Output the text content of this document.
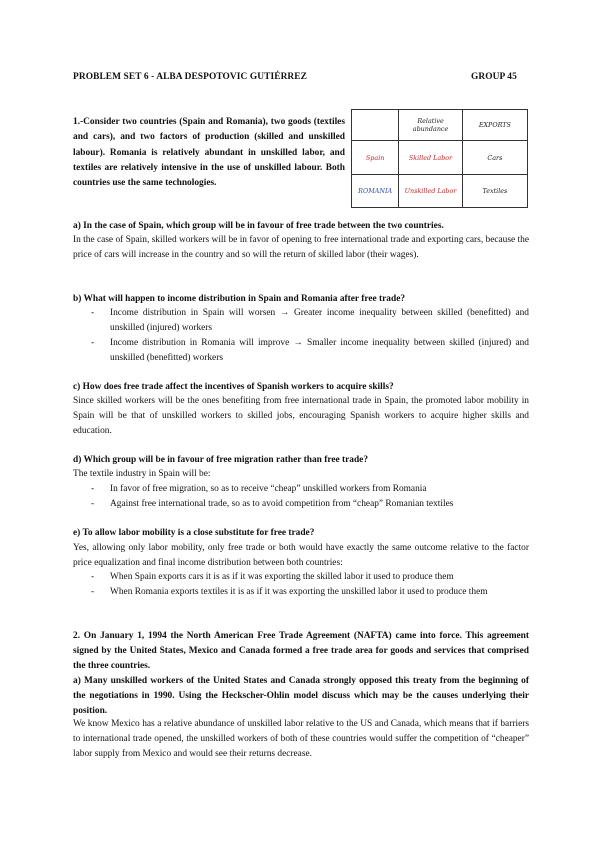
PROBLEM SET 6 - ALBA DESPOTOVIC GUTIÉRREZ	GROUP 45
1.-Consider two countries (Spain and Romania), two goods (textiles and cars), and two factors of production (skilled and unskilled labour). Romania is relatively abundant in unskilled labor, and textiles are relatively intensive in the use of unskilled labour. Both countries use the same technologies.
	Relative abundance	EXPORTS
Spain	Skilled Labor	Cars
ROMANIA	Unskilled Labor	Textiles
a) In the case of Spain, which group will be in favour of free trade between the two countries.
In the case of Spain, skilled workers will be in favor of opening to free international trade and exporting cars, because the price of cars will increase in the country and so will the return of skilled labor (their wages).
b) What will happen to income distribution in Spain and Romania after free trade?
- Income distribution in Spain will worsen → Greater income inequality between skilled (benefitted) and unskilled (injured) workers
- Income distribution in Romania will improve → Smaller income inequality between skilled (injured) and unskilled (benefitted) workers
c) How does free trade affect the incentives of Spanish workers to acquire skills?
Since skilled workers will be the ones benefiting from free international trade in Spain, the promoted labor mobility in Spain will be that of unskilled workers to skilled jobs, encouraging Spanish workers to acquire higher skills and education.
d) Which group will be in favour of free migration rather than free trade?
The textile industry in Spain will be:
- In favor of free migration, so as to receive “cheap” unskilled workers from Romania
- Against free international trade, so as to avoid competition from “cheap” Romanian textiles
e) To allow labor mobility is a close substitute for free trade?
Yes, allowing only labor mobility, only free trade or both would have exactly the same outcome relative to the factor price equalization and final income distribution between both countries:
- When Spain exports cars it is as if it was exporting the skilled labor it used to produce them
- When Romania exports textiles it is as if it was exporting the unskilled labor it used to produce them
2. On January 1, 1994 the North American Free Trade Agreement (NAFTA) came into force. This agreement signed by the United States, Mexico and Canada formed a free trade area for goods and services that comprised the three countries.
a) Many unskilled workers of the United States and Canada strongly opposed this treaty from the beginning of the negotiations in 1990. Using the Heckscher-Ohlin model discuss which may be the causes underlying their position.
We know Mexico has a relative abundance of unskilled labor relative to the US and Canada, which means that if barriers to international trade opened, the unskilled workers of both of these countries would suffer the competition of “cheaper” labor supply from Mexico and would see their returns decrease.
